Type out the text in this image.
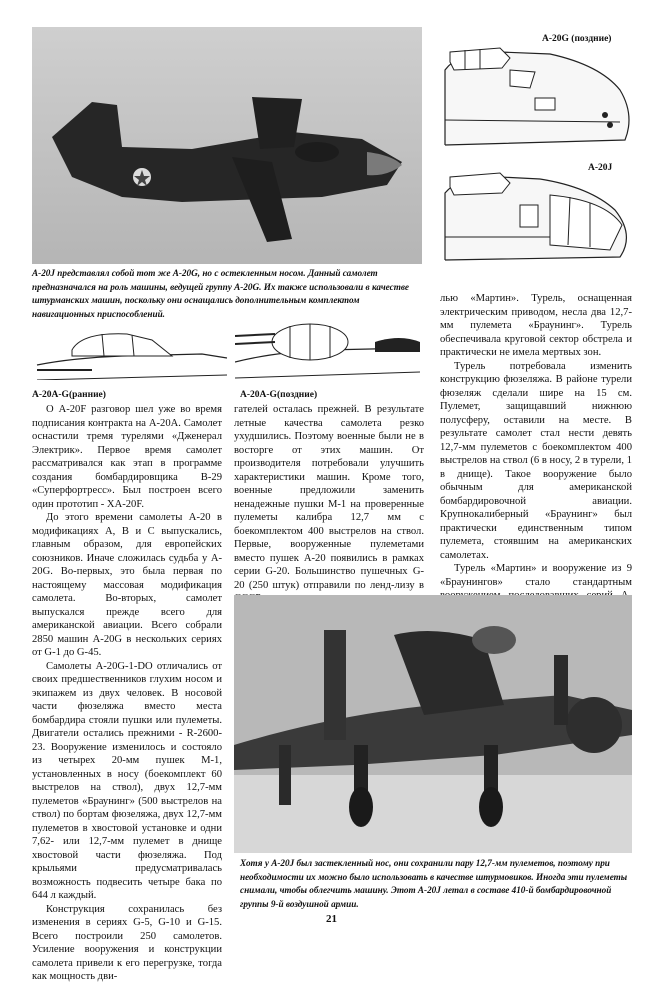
A-20G (поздние)
A-20J

A-20J представлял собой тот же A-20G, но с остекленным носом. Данный самолет предназначался на роль машины, ведущей группу A-20G. Их также использовали в качестве штурманских машин, поскольку они оснащались дополнительным комплектом навигационных приспособлений.

A-20A-G(ранние)	A-20A-G(поздние)

О A-20F разговор шел уже во время подписания контракта на A-20A. Самолет оснастили тремя турелями «Дженерал Электрик». Первое время самолет рассматривался как этап в программе создания бомбардировщика B-29 «Суперфортресс». Был построен всего один прототип - XA-20F.

До этого времени самолеты A-20 в модификациях A, B и C выпускались, главным образом, для европейских союзников. Иначе сложилась судьба у A-20G. Во-первых, это была первая по настоящему массовая модификация самолета. Во-вторых, самолет выпускался прежде всего для американской авиации. Всего собрали 2850 машин A-20G в нескольких сериях от G-1 до G-45.

Самолеты A-20G-1-DO отличались от своих предшественников глухим носом и экипажем из двух человек. В носовой части фюзеляжа вместо места бомбардира стояли пушки или пулеметы. Двигатели остались прежними - R-2600-23. Вооружение изменилось и состояло из четырех 20-мм пушек M-1, установленных в носу (боекомплект 60 выстрелов на ствол), двух 12,7-мм пулеметов «Браунинг» (500 выстрелов на ствол) по бортам фюзеляжа, двух 12,7-мм пулеметов в хвостовой установке и одни 7,62- или 12,7-мм пулемет в днище хвостовой части фюзеляжа. Под крыльями предусматривалась возможность подвесить четыре бака по 644 л каждый.

Конструкция сохранилась без изменения в сериях G-5, G-10 и G-15. Всего построили 250 самолетов. Усиление вооружения и конструкции самолета привели к его перегрузке, тогда как мощность дви-

гателей осталась прежней. В результате летные качества самолета резко ухудшились. Поэтому военные были не в восторге от этих машин. От производителя потребовали улучшить характеристики машин. Кроме того, военные предложили заменить ненадежные пушки M-1 на проверенные пулеметы калибра 12,7 мм с боекомплектом 400 выстрелов на ствол. Первые, вооруженные пулеметами вместо пушек A-20 появились в рамках серии G-20. Большинство пушечных G-20 (250 штук) отправили по ленд-лизу в

лью «Мартин». Турель, оснащенная электрическим приводом, несла два 12,7-мм пулемета «Браунинг». Турель обеспечивала круговой сектор обстрела и практически не имела мертвых зон.

Турель потребовала изменить конструкцию фюзеляжа. В районе турели фюзеляж сделали шире на 15 см. Пулемет, защищавший нижнюю полусферу, оставили на месте. В результате самолет стал нести девять 12,7-мм пулеметов с боекомплектом 400 выстрелов на ствол (6 в носу, 2 в турели, 1 в днище). Такое вооружение было обычным для американской бомбардировочной авиации. Крупнокалиберный «Браунинг» был практически единственным типом пулемета, стоявшим на американских самолетах.

Турель «Мартин» и вооружение из 9 «Браунингов» стало стандартным

Хотя у A-20J был застекленный нос, они сохранили пару 12,7-мм пулеметов, поэтому при необходимости их можно было использовать в качестве штурмовиков. Иногда эти пулеметы снимали, чтобы облегчить машину. Этот A-20J летал в составе 410-й бомбардировочной группы 9-й воздушной армии.

21
